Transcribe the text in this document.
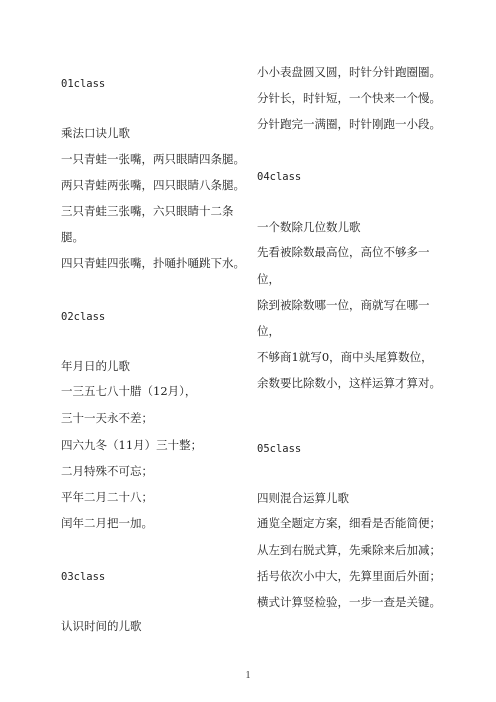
01class
乘法口诀儿歌
一只青蛙一张嘴，两只眼睛四条腿。
两只青蛙两张嘴，四只眼睛八条腿。
三只青蛙三张嘴，六只眼睛十二条
腿。
四只青蛙四张嘴，扑嗵扑嗵跳下水。
02class
年月日的儿歌
一三五七八十腊（12月），
三十一天永不差；
四六九冬（11月）三十整；
二月特殊不可忘；
平年二月二十八；
闰年二月把一加。
03class
认识时间的儿歌
小小表盘圆又圆，时针分针跑圈圈。
分针长，时针短，一个快来一个慢。
分针跑完一满圈，时针刚跑一小段。
04class
一个数除几位数儿歌
先看被除数最高位，高位不够多一
位，
除到被除数哪一位，商就写在哪一
位，
不够商1就写0，商中头尾算数位，
余数要比除数小，这样运算才算对。
05class
四则混合运算儿歌
通览全题定方案，细看是否能简便；
从左到右脱式算，先乘除来后加减；
括号依次小中大，先算里面后外面；
横式计算竖检验，一步一查是关键。
1
